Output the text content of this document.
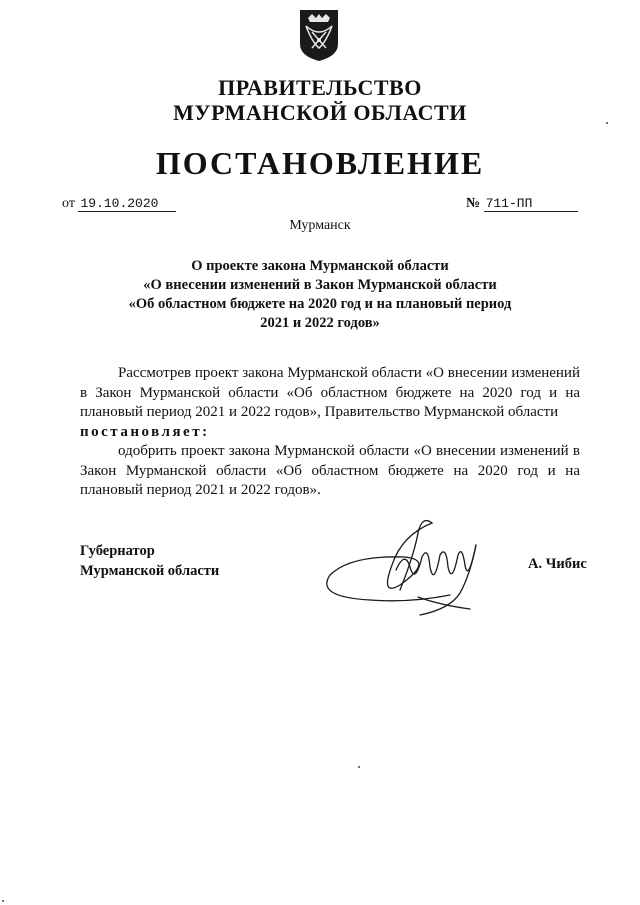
ПРАВИТЕЛЬСТВО
МУРМАНСКОЙ ОБЛАСТИ
ПОСТАНОВЛЕНИЕ
от 19.10.2020	№ 711-ПП
Мурманск
О проекте закона Мурманской области
«О внесении изменений в Закон Мурманской области
«Об областном бюджете на 2020 год и на плановый период
2021 и 2022 годов»

Рассмотрев проект закона Мурманской области «О внесении изменений в Закон Мурманской области «Об областном бюджете на 2020 год и на плановый период 2021 и 2022 годов», Правительство Мурманской области

постановляет:

одобрить проект закона Мурманской области «О внесении изменений в Закон Мурманской области «Об областном бюджете на 2020 год и на плановый период 2021 и 2022 годов».

Губернатор
Мурманской области	А. Чибис
